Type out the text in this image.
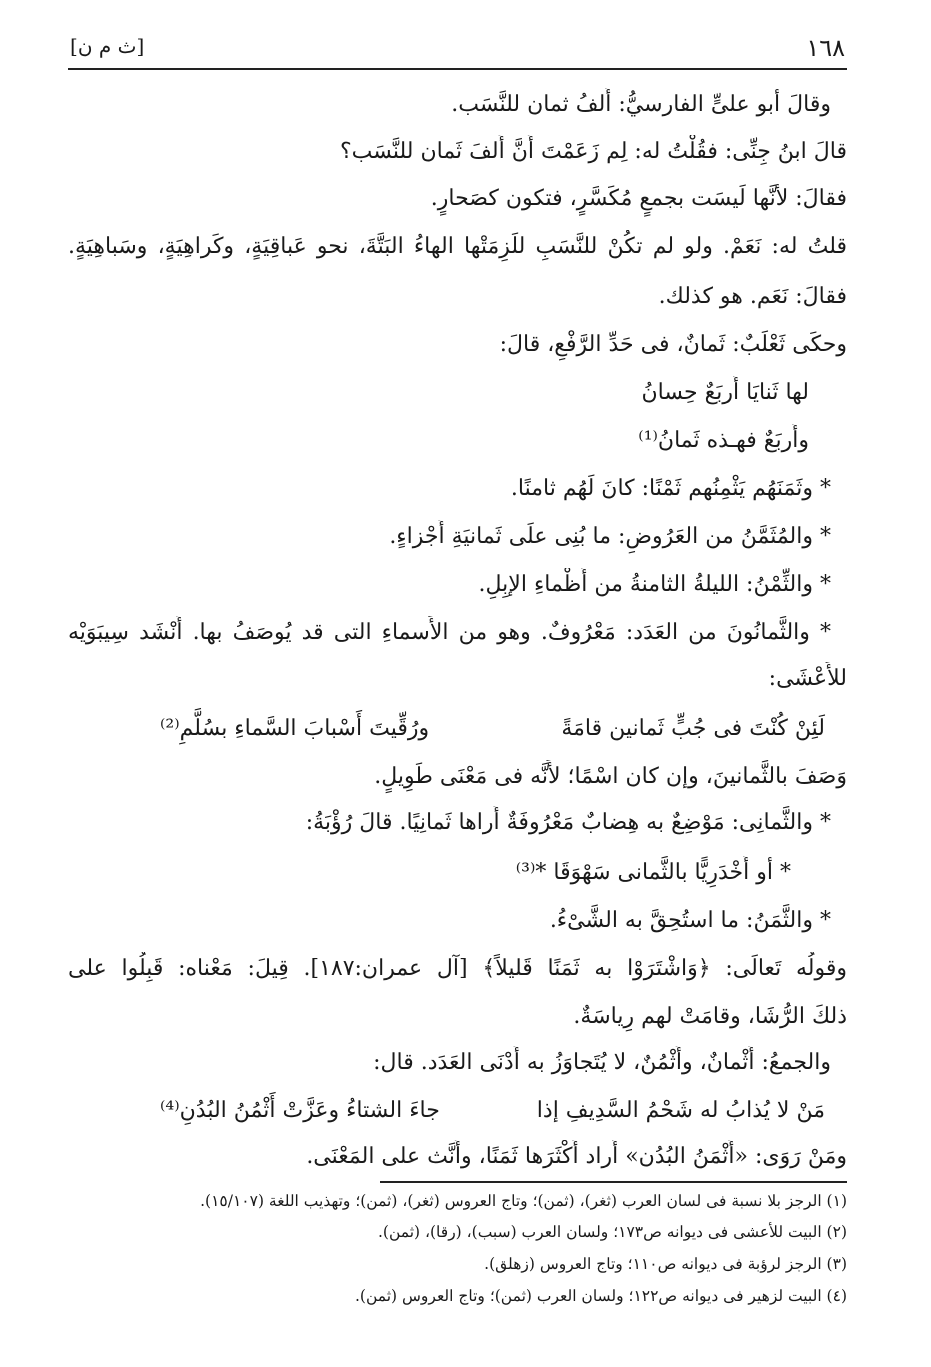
١٦٨
[ث م ن]
وقالَ أبو علىٍّ الفارسيُّ: أَلفُ ثمان للنَّسَب.
قالَ ابنُ جِنِّى: فقُلْتُ له: لِم زَعَمْتَ أَنَّ أَلفَ ثَمان للنَّسَب؟
فقالَ: لأنَّها لَيسَت بجمعٍ مُكَسَّرٍ، فتكون كصَحارٍ.
قلتُ له: نَعَمْ. ولو لم تكُنْ للنَّسَبِ للَزِمَتْها الهاءُ البَتَّةَ، نحو عَباقِيَةٍ، وكَراهِيَةٍ، وسَباهِيَةٍ.
فقالَ: نَعَم. هو كذلك.
وحكَى ثَعْلَبٌ: ثَمانٌ، فى حَدِّ الرَّفْعِ، قالَ:
لها ثَنايَا أَربَعٌ حِسانُ
وأَربَعٌ فهـذه ثَمانُ⁽¹⁾
* وثَمَنَهُم يَثْمِنُهم ثَمْنًا: كانَ لَهُم ثامنًا.
* والمُثَمَّنُ من العَرُوضِ: ما بُنِى علَى ثَمانيَةِ أَجْزاءٍ.
* والثِّمْنُ: الليلةُ الثامنةُ من أَظْماءِ الإبِلِ.
* والثَّمانُونَ من العَدَد: مَعْرُوفٌ. وهو من الأَسماءِ التى قد يُوصَفُ بها. أَنْشَد سِيبَوَيْه
للأَعْشَى:
لَئِنْ كُنْتَ فى جُبٍّ ثَمانين قامَةً
ورُقِّيتَ أَسْبابَ السَّماءِ بسُلَّمِ⁽²⁾
وَصَفَ بالثَّمانينَ، وإن كان اسْمًا؛ لأَنَّه فى مَعْنَى طَوِيلٍ.
* والثَّمانِى: مَوْضِعٌ به هِضابٌ مَعْرُوفَةٌ أُراها ثَمانِيًا. قالَ رُؤْبَةُ:
* أو أَخْدَرِيًّا بالثَّمانى سَهْوَقَا *⁽³⁾
* والثَّمَنُ: ما استُحِقَّ به الشَّىْءُ.
وقولُه تَعالَى: ﴿وَاشْتَرَوْا به ثَمَنًا قَليلاً﴾ [آل عمران:١٨٧]. قِيلَ: مَعْناه: قَبِلُوا على
ذلكَ الرُّشَا، وقامَتْ لهم رِياسَةٌ.
والجمعُ: أَثْمانٌ، وأَثْمُنٌ، لا يُتَجاوَزُ به أَدْنَى العَدَد. قال:
مَنْ لا يُذابُ له شَحْمُ السَّدِيفِ إذا
جاءَ الشتاءُ وعَزَّتْ أَثْمُنُ البُدُنِ⁽⁴⁾
ومَنْ رَوَى: «أَثْمَنُ البُدُن» أَراد أَكْثَرَها ثَمَنًا، وأَنَّث على المَعْنَى.
(١) الرجز بلا نسبة فى لسان العرب (ثغر)، (ثمن)؛ وتاج العروس (ثغر)، (ثمن)؛ وتهذيب اللغة (١٥/١٠٧).
(٢) البيت للأعشى فى ديوانه ص١٧٣؛ ولسان العرب (سبب)، (رقا)، (ثمن).
(٣) الرجز لرؤبة فى ديوانه ص١١٠؛ وتاج العروس (زهلق).
(٤) البيت لزهير فى ديوانه ص١٢٢؛ ولسان العرب (ثمن)؛ وتاج العروس (ثمن).
